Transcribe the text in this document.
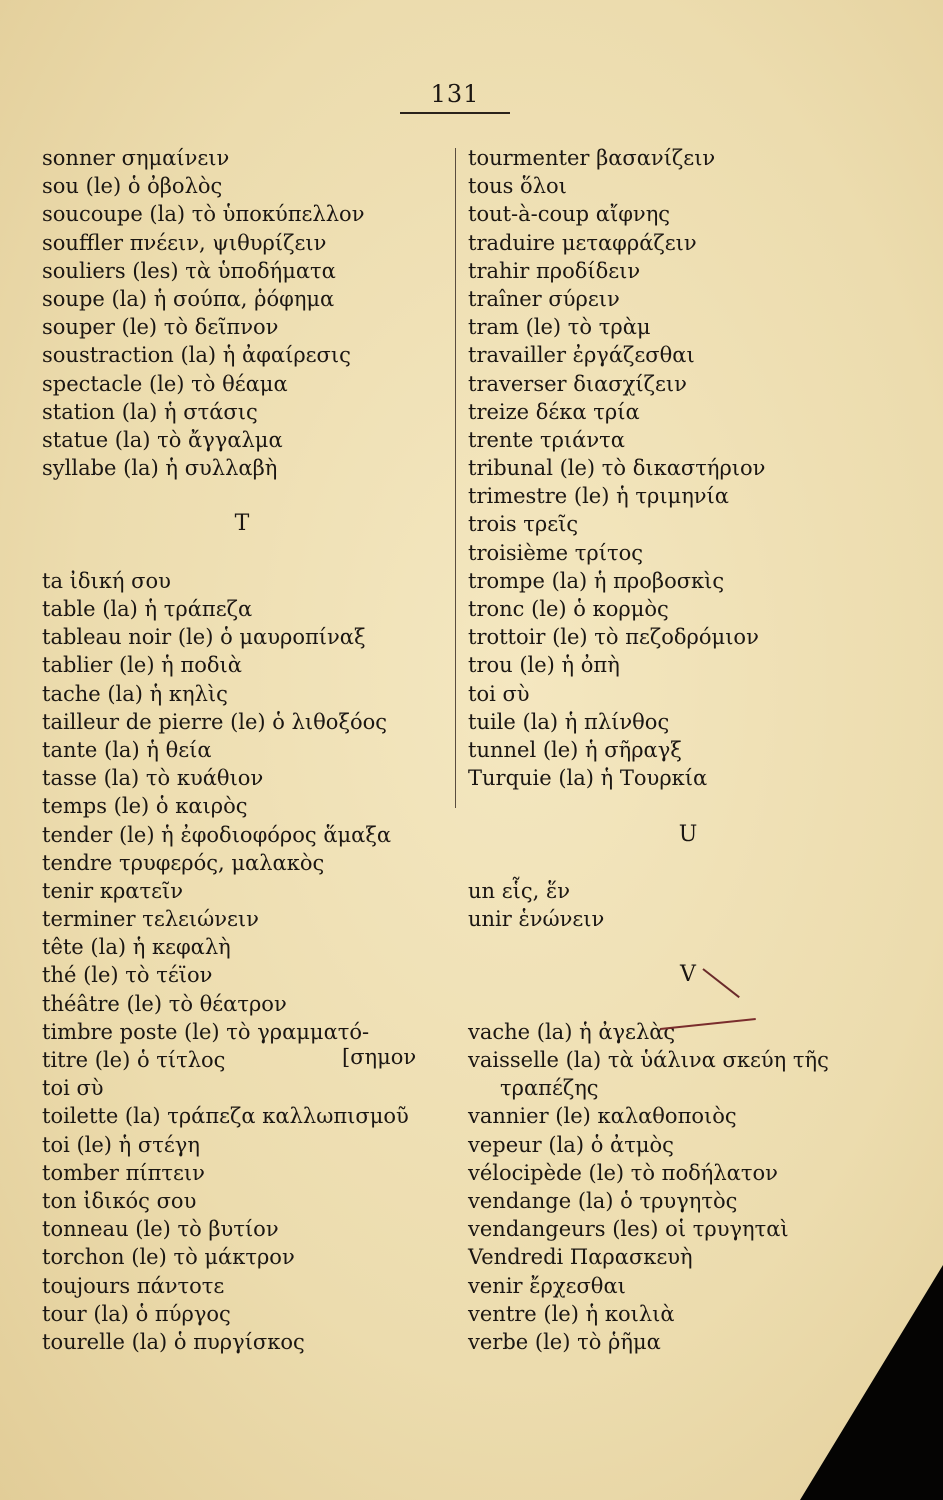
131
sonner σημαίνειν
sou (le) ὁ ὀβολὸς
soucoupe (la) τὸ ὑποκύπελλον
souffler πνέειν, ψιθυρίζειν
souliers (les) τὰ ὑποδήματα
soupe (la) ἡ σούπα, ῥόφημα
souper (le) τὸ δεῖπνον
soustraction (la) ἡ ἀφαίρεσις
spectacle (le) τὸ θέαμα
station (la) ἡ στάσις
statue (la) τὸ ἄγγαλμα
syllabe (la) ἡ συλλαβὴ
T
ta ἰδική σου
table (la) ἡ τράπεζα
tableau noir (le) ὁ μαυροπίναξ
tablier (le) ἡ ποδιὰ
tache (la) ἡ κηλὶς
tailleur de pierre (le) ὁ λιθοξόος
tante (la) ἡ θεία
tasse (la) τὸ κυάθιον
temps (le) ὁ καιρὸς
tender (le) ἡ ἐφοδιοφόρος ἅμαξα
tendre τρυφερός, μαλακὸς
tenir κρατεῖν
terminer τελειώνειν
tête (la) ἡ κεφαλὴ
thé (le) τὸ τέϊον
théâtre (le) τὸ θέατρον
timbre poste (le) τὸ γραμματό-
titre (le) ὁ τίτλος
toi σὺ
toilette (la) τράπεζα καλλωπισμοῦ
toi (le) ἡ στέγη
tomber πίπτειν
ton ἰδικός σου
tonneau (le) τὸ βυτίον
torchon (le) τὸ μάκτρον
toujours πάντοτε
tour (la) ὁ πύργος
tourelle (la) ὁ πυργίσκος
tourmenter βασανίζειν
tous ὅλοι
tout-à-coup αἴφνης
traduire μεταφράζειν
trahir προδίδειν
traîner σύρειν
tram (le) τὸ τρὰμ
travailler ἐργάζεσθαι
traverser διασχίζειν
treize δέκα τρία
trente τριάντα
tribunal (le) τὸ δικαστήριον
trimestre (le) ἡ τριμηνία
trois τρεῖς
troisième τρίτος
trompe (la) ἡ προβοσκὶς
tronc (le) ὁ κορμὸς
trottoir (le) τὸ πεζοδρόμιον
trou (le) ἡ ὀπὴ
toi σὺ
tuile (la) ἡ πλίνθος
tunnel (le) ἡ σῆραγξ
Turquie (la) ἡ Τουρκία
U
un εἷς, ἕν
unir ἑνώνειν
V
vache (la) ἡ ἀγελὰς
vaisselle (la) τὰ ὑάλινα σκεύη τῆς
τραπέζης
vannier (le) καλαθοποιὸς
vepeur (la) ὁ ἀτμὸς
vélocipède (le) τὸ ποδήλατον
vendange (la) ὁ τρυγητὸς
vendangeurs (les) οἱ τρυγηταὶ
Vendredi Παρασκευὴ
venir ἔρχεσθαι
ventre (le) ἡ κοιλιὰ
verbe (le) τὸ ῥῆμα
[σημον
